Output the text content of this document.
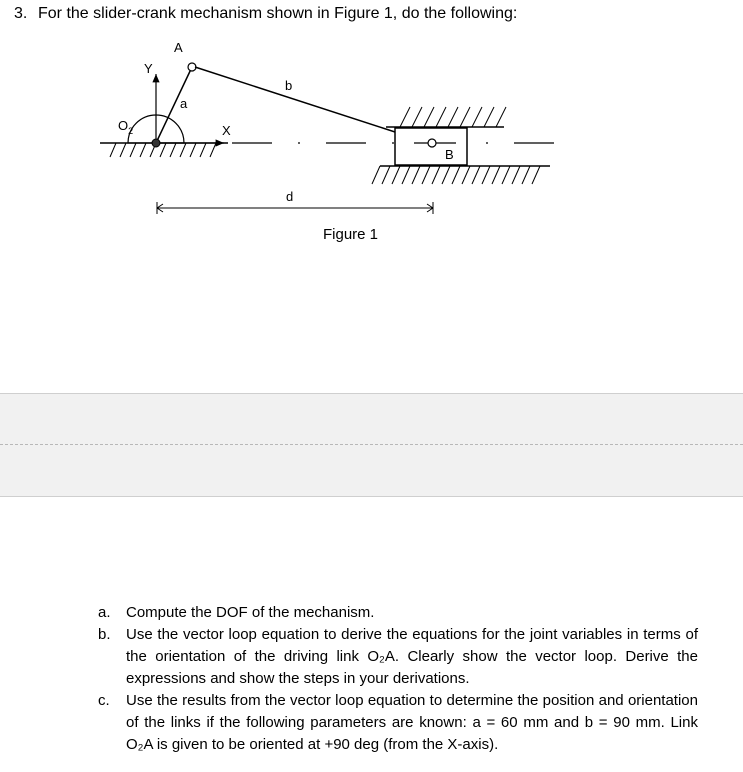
3. For the slider-crank mechanism shown in Figure 1, do the following:
A
Y
a
b
$O_2$	X
B
d
Figure 1
a. Compute the DOF of the mechanism.
b. Use the vector loop equation to derive the equations for the joint variables in terms of the orientation of the driving link O₂A. Clearly show the vector loop. Derive the expressions and show the steps in your derivations.
c. Use the results from the vector loop equation to determine the position and orientation of the links if the following parameters are known: a = 60 mm and b = 90 mm. Link O₂A is given to be oriented at +90 deg (from the X-axis).
